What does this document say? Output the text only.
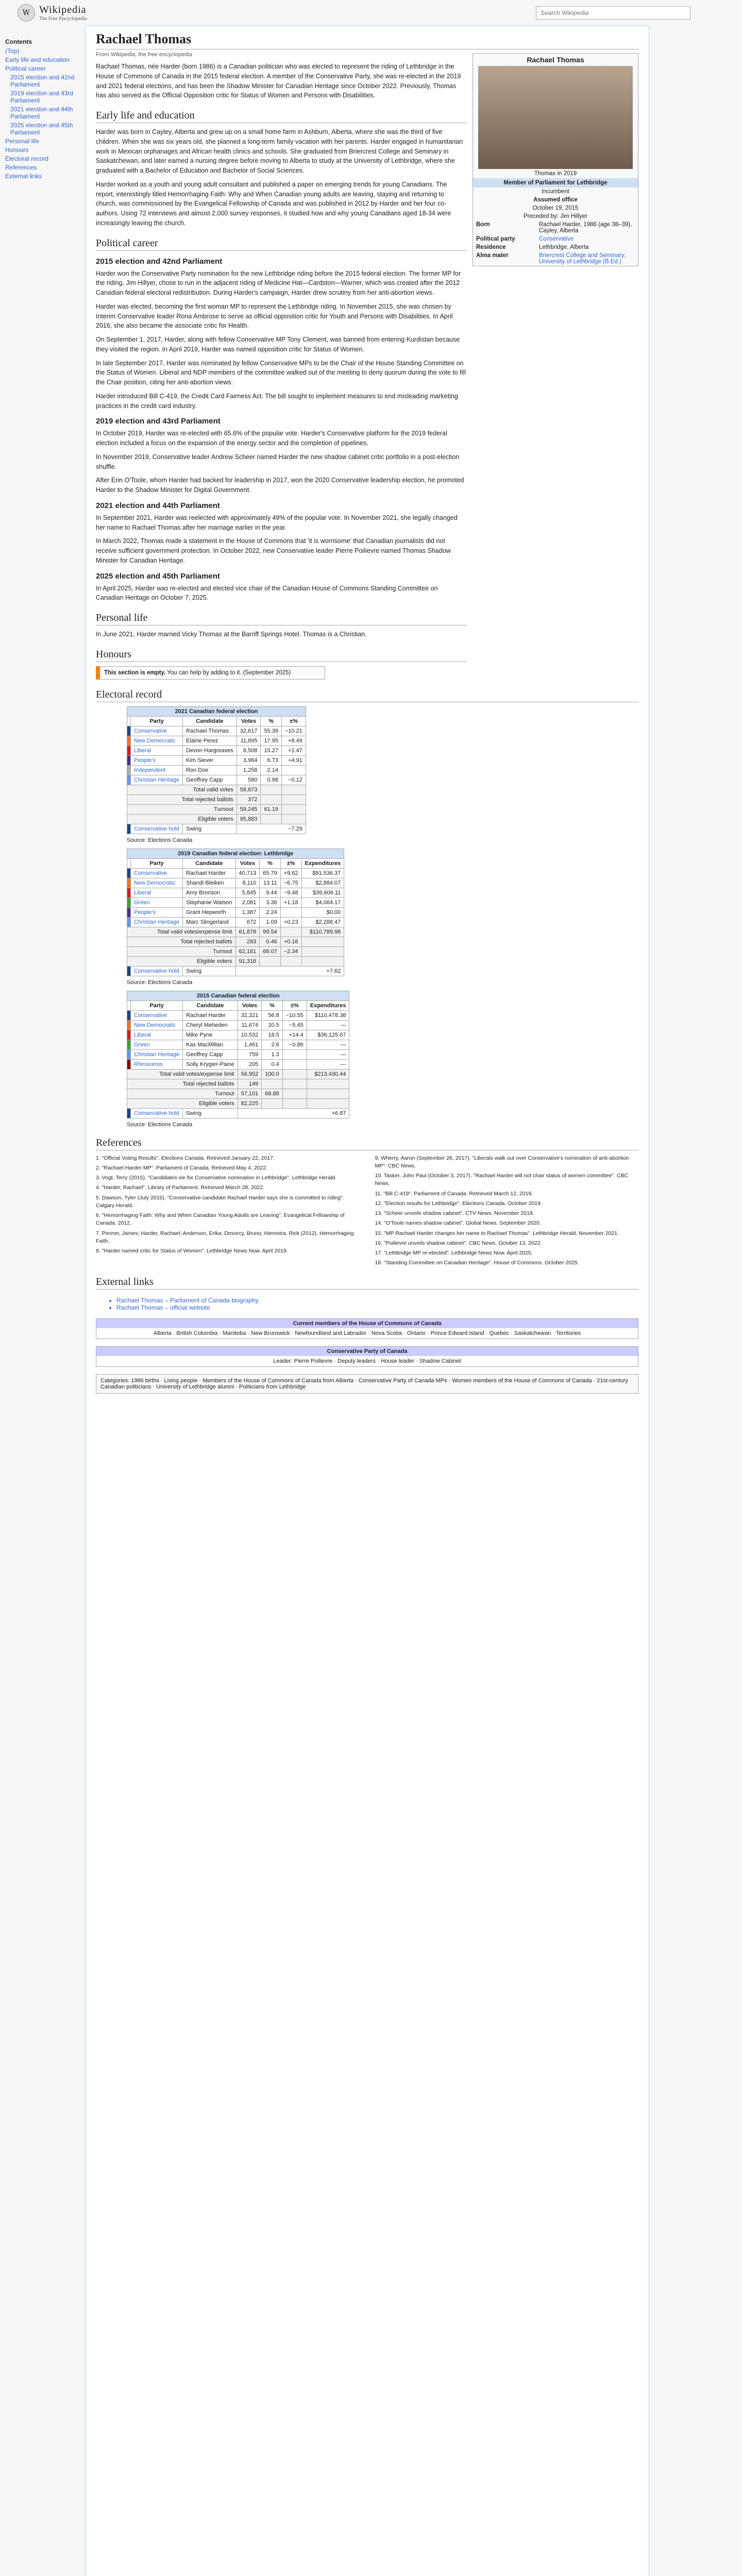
W Wikipedia
The Free Encyclopedia
Search Wikipedia
Contents
(Top)
Early life and education
Political career
2015 election and 42nd Parliament
2019 election and 43rd Parliament
2021 election and 44th Parliament
2025 election and 45th Parliament
Personal life
Honours
Electoral record
References
External links
Rachael Thomas
From Wikipedia, the free encyclopedia
Rachael Thomas
Thomas in 2019
Member of Parliament for Lethbridge
Incumbent
Assumed office
October 19, 2015
Preceded by: Jim Hillyer
Born	Rachael Harder, 1986 (age 38–39), Cayley, Alberta
Political party	Conservative
Residence	Lethbridge, Alberta
Alma mater	Briercrest College and Seminary; University of Lethbridge (B.Ed.)

Rachael Thomas, née Harder (born 1986) is a Canadian politician who was elected to represent the riding of Lethbridge in the House of Commons of Canada in the 2015 federal election. A member of the Conservative Party, she was re-elected in the 2019 and 2021 federal elections, and has been the Shadow Minister for Canadian Heritage since October 2022. Previously, Thomas has also served as the Official Opposition critic for Status of Women and Persons with Disabilities.

Early life and education

Harder was born in Cayley, Alberta and grew up on a small home farm in Ashburn, Alberta, where she was the third of five children. When she was six years old, she planned a long-term family vacation with her parents. Harder engaged in humanitarian work in Mexican orphanages and African health clinics and schools. She graduated from Briercrest College and Seminary in Saskatchewan, and later earned a nursing degree before moving to Alberta to study at the University of Lethbridge, where she graduated with a Bachelor of Education and Bachelor of Social Sciences.

Harder worked as a youth and young adult consultant and published a paper on emerging trends for young Canadians. The report, interestingly titled Hemorrhaging Faith: Why and When Canadian young adults are leaving, staying and returning to church, was commissioned by the Evangelical Fellowship of Canada and was published in 2012 by Harder and her four co-authors. Using 72 interviews and almost 2,000 survey responses, it studied how and why young Canadians aged 18-34 were increasingly leaving the church.

Political career
2015 election and 42nd Parliament

Harder won the Conservative Party nomination for the new Lethbridge riding before the 2015 federal election. The former MP for the riding, Jim Hillyer, chose to run in the adjacent riding of Medicine Hat—Cardston—Warner, which was created after the 2012 Canadian federal electoral redistribution. During Harder's campaign, Harder drew scrutiny from her anti-abortion views.

Harder was elected, becoming the first woman MP to represent the Lethbridge riding. In November 2015, she was chosen by Interim Conservative leader Rona Ambrose to serve as official opposition critic for Youth and Persons with Disabilities. In April 2016, she also became the associate critic for Health.

On September 1, 2017, Harder, along with fellow Conservative MP Tony Clement, was banned from entering Kurdistan because they visited the region. In April 2019, Harder was named opposition critic for Status of Women.

In late September 2017, Harder was nominated by fellow Conservative MPs to be the Chair of the House Standing Committee on the Status of Women. Liberal and NDP members of the committee walked out of the meeting to deny quorum during the vote to fill the Chair position, citing her anti-abortion views.

Harder introduced Bill C-419, the Credit Card Fairness Act. The bill sought to implement measures to end misleading marketing practices in the credit card industry.

2019 election and 43rd Parliament

In October 2019, Harder was re-elected with 65.6% of the popular vote. Harder's Conservative platform for the 2019 federal election included a focus on the expansion of the energy sector and the completion of pipelines.

In November 2019, Conservative leader Andrew Scheer named Harder the new shadow cabinet critic portfolio in a post-election shuffle.

After Erin O'Toole, whom Harder had backed for leadership in 2017, won the 2020 Conservative leadership election, he promoted Harder to the Shadow Minister for Digital Government.

2021 election and 44th Parliament

In September 2021, Harder was reelected with approximately 49% of the popular vote. In November 2021, she legally changed her name to Rachael Thomas after her marriage earlier in the year.

In March 2022, Thomas made a statement in the House of Commons that 'it is worrisome' that Canadian journalists did not receive sufficient government protection. In October 2022, new Conservative leader Pierre Poilievre named Thomas Shadow Minister for Canadian Heritage.

2025 election and 45th Parliament

In April 2025, Harder was re-elected and elected vice chair of the Canadian House of Commons Standing Committee on Canadian Heritage on October 7, 2025.

Personal life

In June 2021, Harder married Vicky Thomas at the Barriff Springs Hotel. Thomas is a Christian.

Honours
This section is empty. You can help by adding to it. (September 2025)
Electoral record
2021 Canadian federal election
	Party	Candidate	Votes	%	±%
	Conservative	Rachael Thomas	32,617	55.39	−10.21
	New Democratic	Elaine Perez	11,895	17.95	+8.49
	Liberal	Devon Hargreaves	8,508	15.27	+1.47
	People's	Kim Siever	3,964	6.73	+4.91
	Independent	Ron Doe	1,258	2.14	
	Christian Heritage	Geoffrey Capp	580	0.98	−0.12
Total valid votes			58,873		
Total rejected ballots			372		
Turnout			59,245	61.19	
Eligible voters			95,883		
	Conservative hold	Swing	−7.29		
Source: Elections Canada
2019 Canadian federal election: Lethbridge
	Party	Candidate	Votes	%	±%	Expenditures
	Conservative	Rachael Harder	40,713	65.79	+9.62	$91,536.37
	New Democratic	Shandi Bleiken	8,110	13.11	−6.75	$2,884.07
	Liberal	Amy Bronson	5,845	9.44	−9.48	$39,606.11
	Green	Stephanie Watson	2,081	3.36	+1.18	$4,064.17
	People's	Grant Hepworth	1,387	2.24		$0.00
	Christian Heritage	Marc Slingerland	672	1.09	+0.23	$2,288.47
Total valid votes/expense limit			61,878	99.54		$110,789.98
Total rejected ballots			283	0.46	+0.16	
Turnout			62,161	68.07	−2.34	
Eligible voters			91,316			
	Conservative hold	Swing	+7.62			
Source: Elections Canada
2015 Canadian federal election
	Party	Candidate	Votes	%	±%	Expenditures
	Conservative	Rachael Harder	32,321	56.8	−10.55	$110,478.38
	New Democratic	Cheryl Meheden	11,674	20.5	−5.45	—
	Liberal	Mike Pyne	10,532	18.5	+14.4	$36,125.67
	Green	Kas MacMillan	1,461	2.6	−0.86	—
	Christian Heritage	Geoffrey Capp	759	1.3		—
	Rhinoceros	Solly Krygier-Paine	205	0.4		—
Total valid votes/expense limit			56,952	100.0		$213,430.44
Total rejected ballots			149			
Turnout			57,101	68.88		
Eligible voters			82,225			
	Conservative hold	Swing	+6.87			
Source: Elections Canada
References
1. "Official Voting Results". Elections Canada. Retrieved January 22, 2017.
2. "Rachael Harder MP". Parliament of Canada. Retrieved May 4, 2022.
3. Vogt, Terry (2015). "Candidates vie for Conservative nomination in Lethbridge". Lethbridge Herald.
4. "Harder, Rachael". Library of Parliament. Retrieved March 28, 2022.
5. Dawson, Tyler (July 2015). "Conservative candidate Rachael Harder says she is committed to riding". Calgary Herald.
6. "Hemorrhaging Faith: Why and When Canadian Young Adults are Leaving". Evangelical Fellowship of Canada. 2012.
7. Penner, James; Harder, Rachael; Anderson, Erika; Desorcy, Bruno; Hiemstra, Rick (2012). Hemorrhaging Faith.
8. "Harder named critic for Status of Women". Lethbridge News Now. April 2019.
9. Wherry, Aaron (September 26, 2017). "Liberals walk out over Conservative's nomination of anti-abortion MP". CBC News.
10. Tasker, John Paul (October 3, 2017). "Rachael Harder will not chair status of women committee". CBC News.
11. "Bill C-419". Parliament of Canada. Retrieved March 12, 2019.
12. "Election results for Lethbridge". Elections Canada. October 2019.
13. "Scheer unveils shadow cabinet". CTV News. November 2019.
14. "O'Toole names shadow cabinet". Global News. September 2020.
15. "MP Rachael Harder changes her name to Rachael Thomas". Lethbridge Herald. November 2021.
16. "Poilievre unveils shadow cabinet". CBC News. October 13, 2022.
17. "Lethbridge MP re-elected". Lethbridge News Now. April 2025.
18. "Standing Committee on Canadian Heritage". House of Commons. October 2025.
External links
• Rachael Thomas – Parliament of Canada biography
• Rachael Thomas – official website
Current members of the House of Commons of Canada
Alberta · British Columbia · Manitoba · New Brunswick · Newfoundland and Labrador · Nova Scotia · Ontario · Prince Edward Island · Quebec · Saskatchewan · Territories
Conservative Party of Canada
Leader: Pierre Poilievre · Deputy leaders · House leader · Shadow Cabinet
Categories: 1986 births · Living people · Members of the House of Commons of Canada from Alberta · Conservative Party of Canada MPs · Women members of the House of Commons of Canada · 21st-century Canadian politicians · University of Lethbridge alumni · Politicians from Lethbridge
